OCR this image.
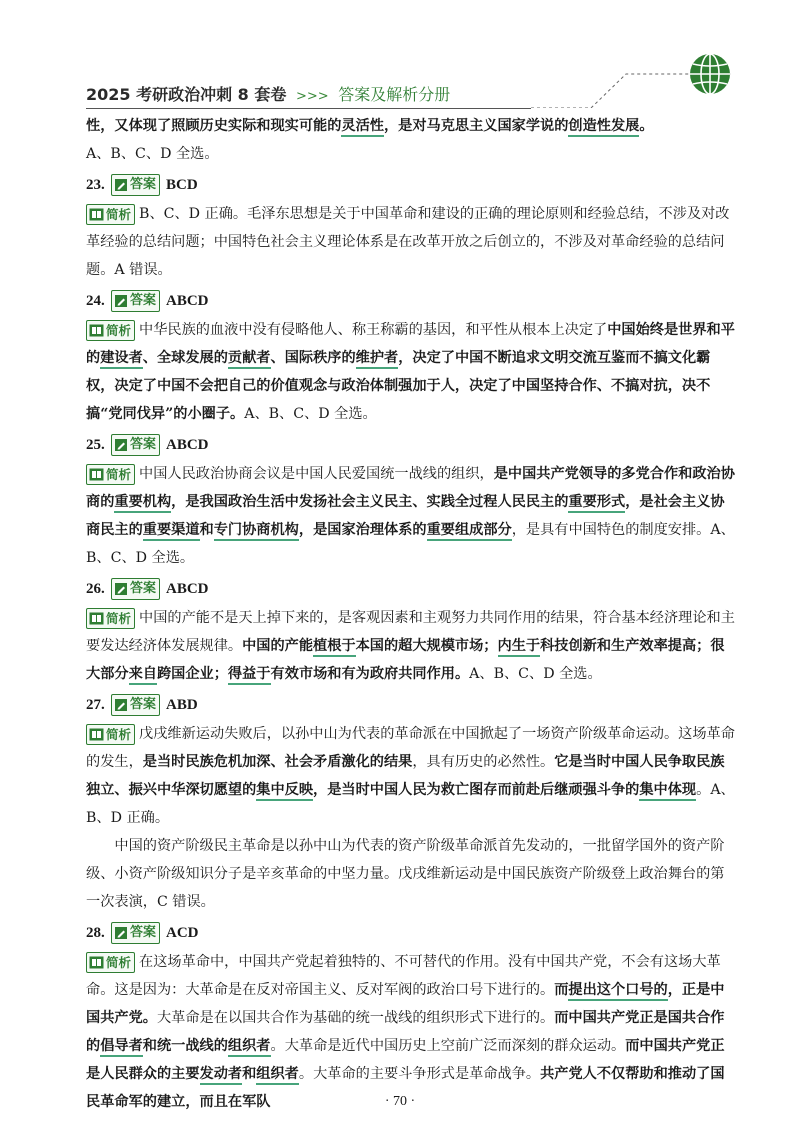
2025 考研政治冲刺 8 套卷 >>> 答案及解析分册

性，又体现了照顾历史实际和现实可能的灵活性，是对马克思主义国家学说的创造性发展。
A、B、C、D 全选。

23.	答案 BCD

简析 B、C、D 正确。毛泽东思想是关于中国革命和建设的正确的理论原则和经验总结，不涉及对改革经验的总结问题；中国特色社会主义理论体系是在改革开放之后创立的，不涉及对革命经验的总结问题。A 错误。

24.	答案 ABCD

简析 中华民族的血液中没有侵略他人、称王称霸的基因，和平性从根本上决定了中国始终是世界和平的建设者、全球发展的贡献者、国际秩序的维护者，决定了中国不断追求文明交流互鉴而不搞文化霸权，决定了中国不会把自己的价值观念与政治体制强加于人，决定了中国坚持合作、不搞对抗，决不搞“党同伐异”的小圈子。A、B、C、D 全选。

25.	答案 ABCD

简析 中国人民政治协商会议是中国人民爱国统一战线的组织，是中国共产党领导的多党合作和政治协商的重要机构，是我国政治生活中发扬社会主义民主、实践全过程人民民主的重要形式，是社会主义协商民主的重要渠道和专门协商机构，是国家治理体系的重要组成部分，是具有中国特色的制度安排。A、B、C、D 全选。

26.	答案 ABCD

简析 中国的产能不是天上掉下来的，是客观因素和主观努力共同作用的结果，符合基本经济理论和主要发达经济体发展规律。中国的产能植根于本国的超大规模市场；内生于科技创新和生产效率提高；很大部分来自跨国企业；得益于有效市场和有为政府共同作用。A、B、C、D 全选。

27.	答案 ABD

简析 戊戌维新运动失败后，以孙中山为代表的革命派在中国掀起了一场资产阶级革命运动。这场革命的发生，是当时民族危机加深、社会矛盾激化的结果，具有历史的必然性。它是当时中国人民争取民族独立、振兴中华深切愿望的集中反映，是当时中国人民为救亡图存而前赴后继顽强斗争的集中体现。A、B、D 正确。

中国的资产阶级民主革命是以孙中山为代表的资产阶级革命派首先发动的，一批留学国外的资产阶级、小资产阶级知识分子是辛亥革命的中坚力量。戊戌维新运动是中国民族资产阶级登上政治舞台的第一次表演，C 错误。

28.	答案 ACD

简析 在这场革命中，中国共产党起着独特的、不可替代的作用。没有中国共产党，不会有这场大革命。这是因为：大革命是在反对帝国主义、反对军阀的政治口号下进行的。而提出这个口号的，正是中国共产党。大革命是在以国共合作为基础的统一战线的组织形式下进行的。而中国共产党正是国共合作的倡导者和统一战线的组织者。大革命是近代中国历史上空前广泛而深刻的群众运动。而中国共产党正是人民群众的主要发动者和组织者。大革命的主要斗争形式是革命战争。共产党人不仅帮助和推动了国民革命军的建立，而且在军队	· 70 ·
